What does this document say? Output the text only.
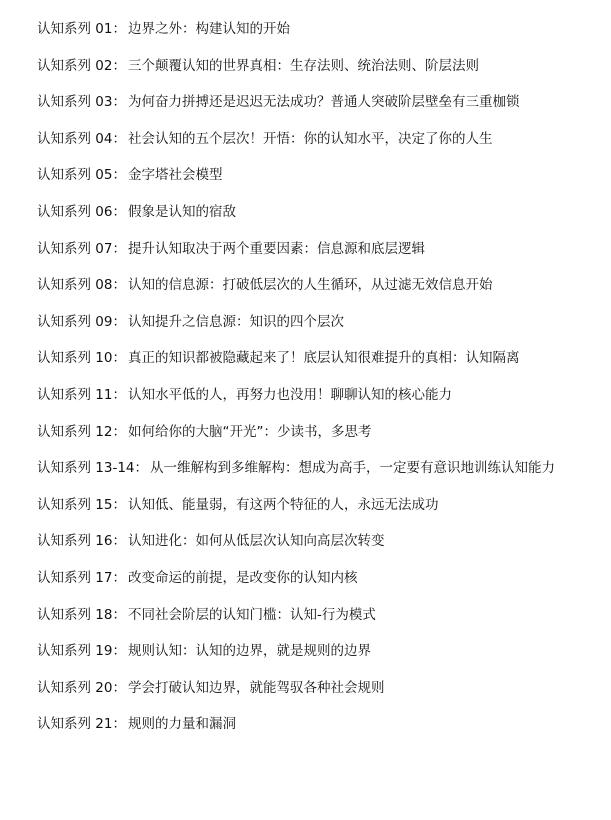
认知系列 01： 边界之外：构建认知的开始
认知系列 02： 三个颠覆认知的世界真相：生存法则、统治法则、阶层法则
认知系列 03： 为何奋力拼搏还是迟迟无法成功？普通人突破阶层壁垒有三重枷锁
认知系列 04： 社会认知的五个层次！开悟：你的认知水平，决定了你的人生
认知系列 05： 金字塔社会模型
认知系列 06： 假象是认知的宿敌
认知系列 07： 提升认知取决于两个重要因素：信息源和底层逻辑
认知系列 08： 认知的信息源：打破低层次的人生循环，从过滤无效信息开始
认知系列 09： 认知提升之信息源：知识的四个层次
认知系列 10： 真正的知识都被隐藏起来了！底层认知很难提升的真相：认知隔离
认知系列 11： 认知水平低的人，再努力也没用！聊聊认知的核心能力
认知系列 12： 如何给你的大脑“开光”：少读书，多思考
认知系列 13-14： 从一维解构到多维解构：想成为高手，一定要有意识地训练认知能力
认知系列 15： 认知低、能量弱，有这两个特征的人，永远无法成功
认知系列 16： 认知进化：如何从低层次认知向高层次转变
认知系列 17： 改变命运的前提，是改变你的认知内核
认知系列 18： 不同社会阶层的认知门槛：认知-行为模式
认知系列 19： 规则认知：认知的边界，就是规则的边界
认知系列 20： 学会打破认知边界，就能驾驭各种社会规则
认知系列 21： 规则的力量和漏洞
